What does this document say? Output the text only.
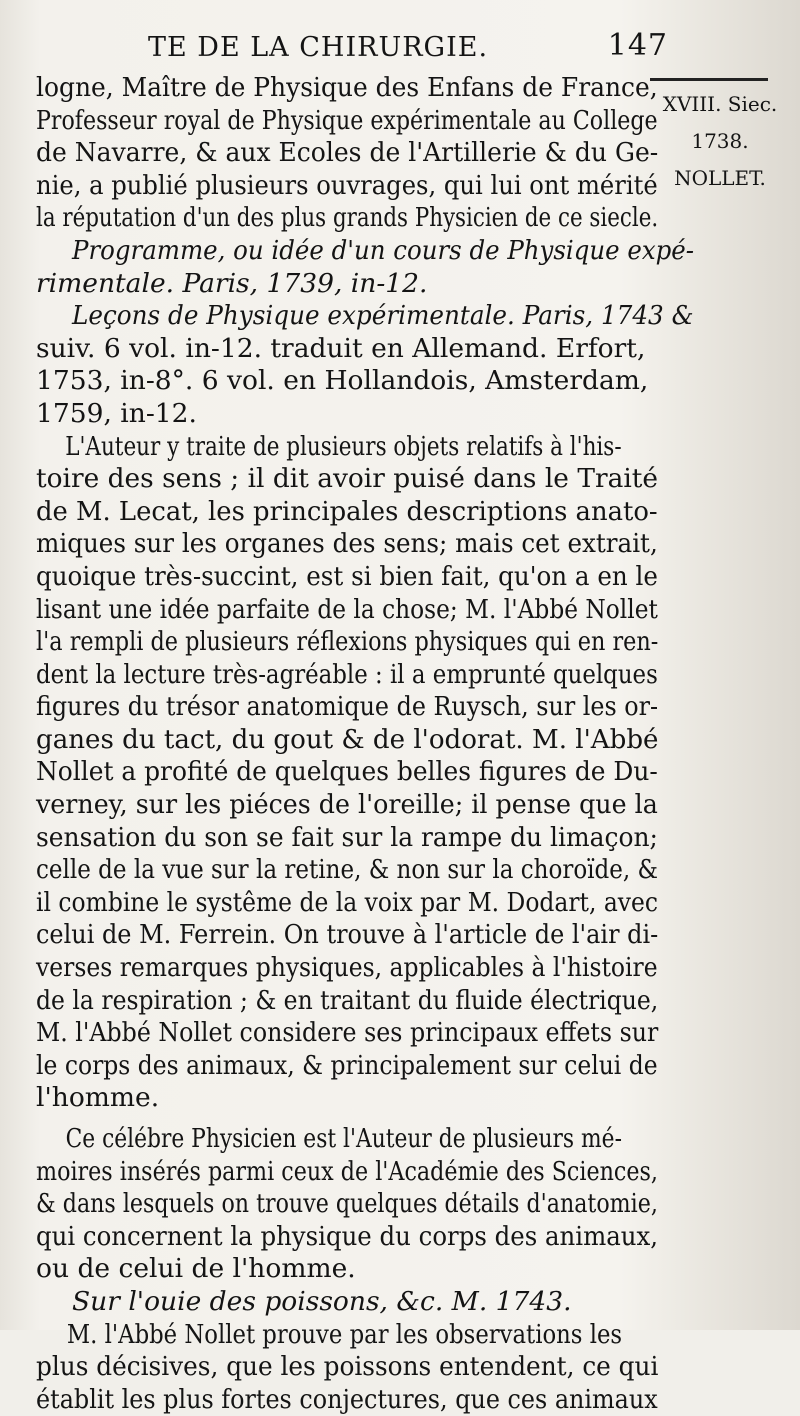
TE DE LA CHIRURGIE.	147
XVIII. Siec.
1738.
NOLLET.
logne, Maître de Physique des Enfans de France,
Professeur royal de Physique expérimentale au College
de Navarre, & aux Ecoles de l'Artillerie & du Ge-
nie, a publié plusieurs ouvrages, qui lui ont mérité
la réputation d'un des plus grands Physicien de ce siecle.
Programme, ou idée d'un cours de Physique expé-
rimentale. Paris, 1739, in-12.
Leçons de Physique expérimentale. Paris, 1743 &
suiv. 6 vol. in-12. traduit en Allemand. Erfort,
1753, in-8°. 6 vol. en Hollandois, Amsterdam,
1759, in-12.
L'Auteur y traite de plusieurs objets relatifs à l'his-
toire des sens ; il dit avoir puisé dans le Traité
de M. Lecat, les principales descriptions anato-
miques sur les organes des sens; mais cet extrait,
quoique très-succint, est si bien fait, qu'on a en le
lisant une idée parfaite de la chose; M. l'Abbé Nollet
l'a rempli de plusieurs réflexions physiques qui en ren-
dent la lecture très-agréable : il a emprunté quelques
figures du trésor anatomique de Ruysch, sur les or-
ganes du tact, du gout & de l'odorat. M. l'Abbé
Nollet a profité de quelques belles figures de Du-
verney, sur les piéces de l'oreille; il pense que la
sensation du son se fait sur la rampe du limaçon;
celle de la vue sur la retine, & non sur la choroïde, &
il combine le systême de la voix par M. Dodart, avec
celui de M. Ferrein. On trouve à l'article de l'air di-
verses remarques physiques, applicables à l'histoire
de la respiration ; & en traitant du fluide électrique,
M. l'Abbé Nollet considere ses principaux effets sur
le corps des animaux, & principalement sur celui de
l'homme.
Ce célébre Physicien est l'Auteur de plusieurs mé-
moires insérés parmi ceux de l'Académie des Sciences,
& dans lesquels on trouve quelques détails d'anatomie,
qui concernent la physique du corps des animaux,
ou de celui de l'homme.
Sur l'ouie des poissons, &c. M. 1743.
M. l'Abbé Nollet prouve par les observations les
plus décisives, que les poissons entendent, ce qui
établit les plus fortes conjectures, que ces animaux
